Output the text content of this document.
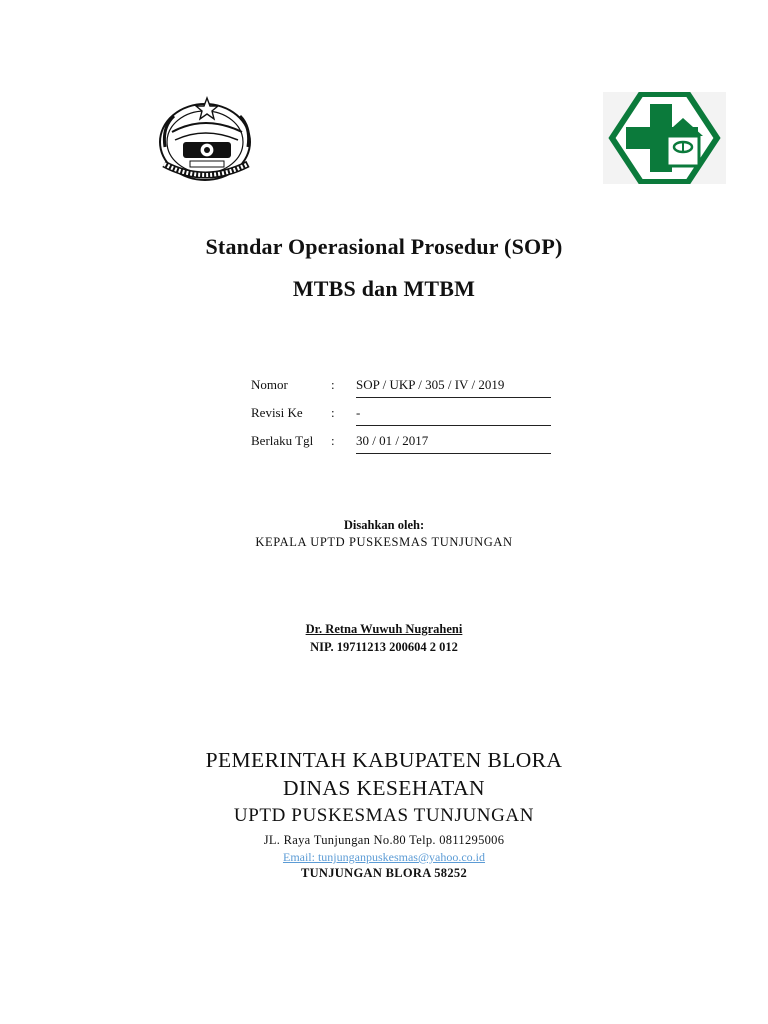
Standar Operasional Prosedur (SOP)
MTBS dan MTBM
Nomor	: SOP / UKP / 305 / IV / 2019
Revisi Ke	: -
Berlaku Tgl	: 30 / 01 / 2017
Disahkan oleh:
KEPALA UPTD PUSKESMAS TUNJUNGAN
Dr. Retna Wuwuh Nugraheni
NIP. 19711213 200604 2 012
PEMERINTAH KABUPATEN BLORA
DINAS KESEHATAN
UPTD PUSKESMAS TUNJUNGAN
JL. Raya Tunjungan No.80 Telp. 0811295006
Email: tunjunganpuskesmas@yahoo.co.id
TUNJUNGAN BLORA 58252
